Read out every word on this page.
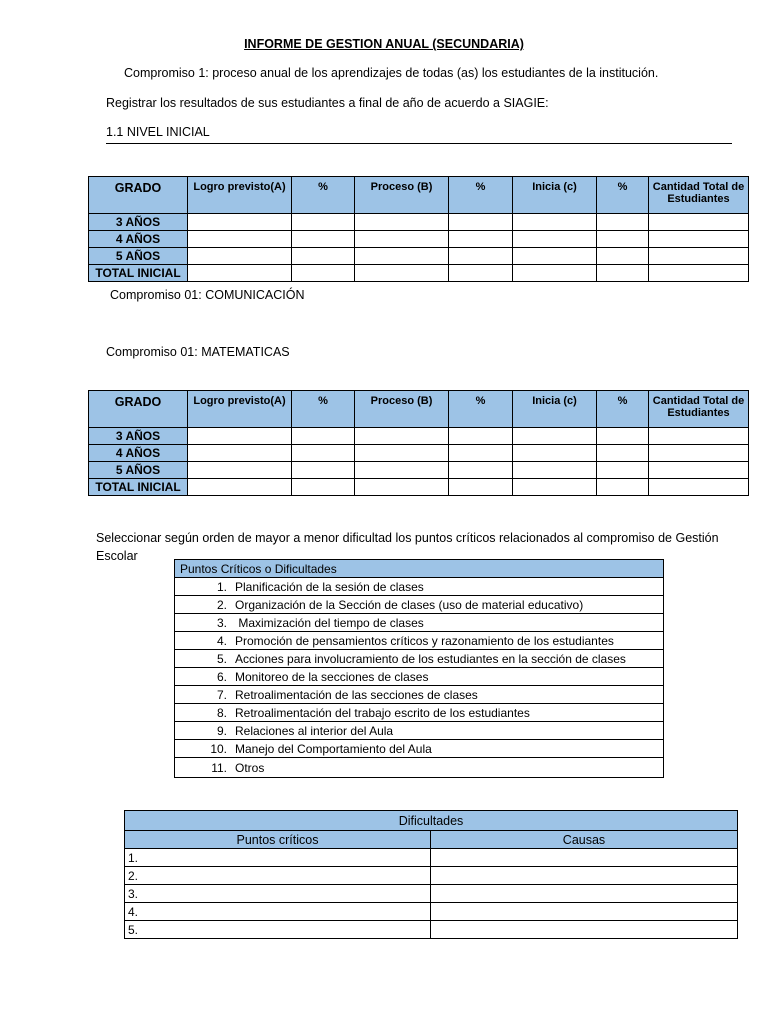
INFORME DE GESTION ANUAL (SECUNDARIA)
Compromiso 1: proceso anual de los aprendizajes de todas (as) los estudiantes de la institución.
Registrar los resultados de sus estudiantes a final de año de acuerdo a SIAGIE:
1.1 NIVEL INICIAL
GRADO	Logro previsto(A)	%	Proceso (B)	%	Inicia (c)	%	Cantidad Total de Estudiantes
3 AÑOS							
4 AÑOS							
5 AÑOS							
TOTAL INICIAL							
Compromiso 01: COMUNICACIÓN
Compromiso 01: MATEMATICAS
GRADO	Logro previsto(A)	%	Proceso (B)	%	Inicia (c)	%	Cantidad Total de Estudiantes
3 AÑOS							
4 AÑOS							
5 AÑOS							
TOTAL INICIAL							
Seleccionar según orden de mayor a menor dificultad los puntos críticos relacionados al compromiso de Gestión Escolar
Puntos Críticos o Dificultades
1. Planificación de la sesión de clases
2. Organización de la Sección de clases (uso de material educativo)
3. Maximización del tiempo de clases
4. Promoción de pensamientos críticos y razonamiento de los estudiantes
5. Acciones para involucramiento de los estudiantes en la sección de clases
6. Monitoreo de la secciones de clases
7. Retroalimentación de las secciones de clases
8. Retroalimentación del trabajo escrito de los estudiantes
9. Relaciones al interior del Aula
10. Manejo del Comportamiento del Aula
11. Otros
Dificultades	
Puntos críticos	Causas
1.	
2.	
3.	
4.	
5.	
